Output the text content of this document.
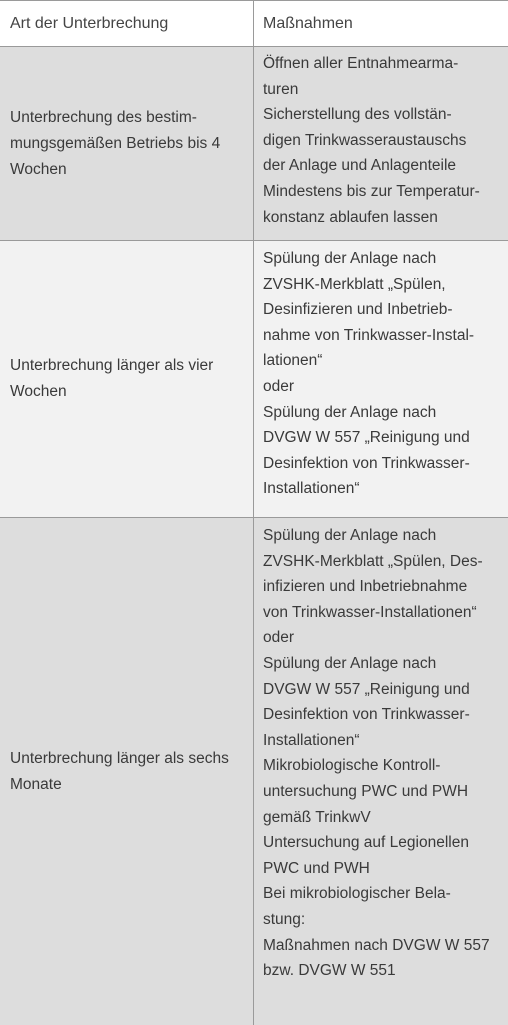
Art der Unterbrechung	Maßnahmen
Unterbrechung des bestim-
mungsgemäßen Betriebs bis 4
Wochen
Öffnen aller Entnahmearma-
turen
Sicherstellung des vollstän-
digen Trinkwasseraustauschs
der Anlage und Anlagenteile
Mindestens bis zur Temperatur-
konstanz ablaufen lassen
Unterbrechung länger als vier
Wochen
Spülung der Anlage nach
ZVSHK-Merkblatt „Spülen,
Desinfizieren und Inbetrieb-
nahme von Trinkwasser-Instal-
lationen“
oder
Spülung der Anlage nach
DVGW W 557 „Reinigung und
Desinfektion von Trinkwasser-
Installationen“
Unterbrechung länger als sechs
Monate
Spülung der Anlage nach
ZVSHK-Merkblatt „Spülen, Des-
infizieren und Inbetriebnahme
von Trinkwasser-Installationen“
oder
Spülung der Anlage nach
DVGW W 557 „Reinigung und
Desinfektion von Trinkwasser-
Installationen“
Mikrobiologische Kontroll-
untersuchung PWC und PWH
gemäß TrinkwV
Untersuchung auf Legionellen
PWC und PWH
Bei mikrobiologischer Bela-
stung:
Maßnahmen nach DVGW W 557
bzw. DVGW W 551
